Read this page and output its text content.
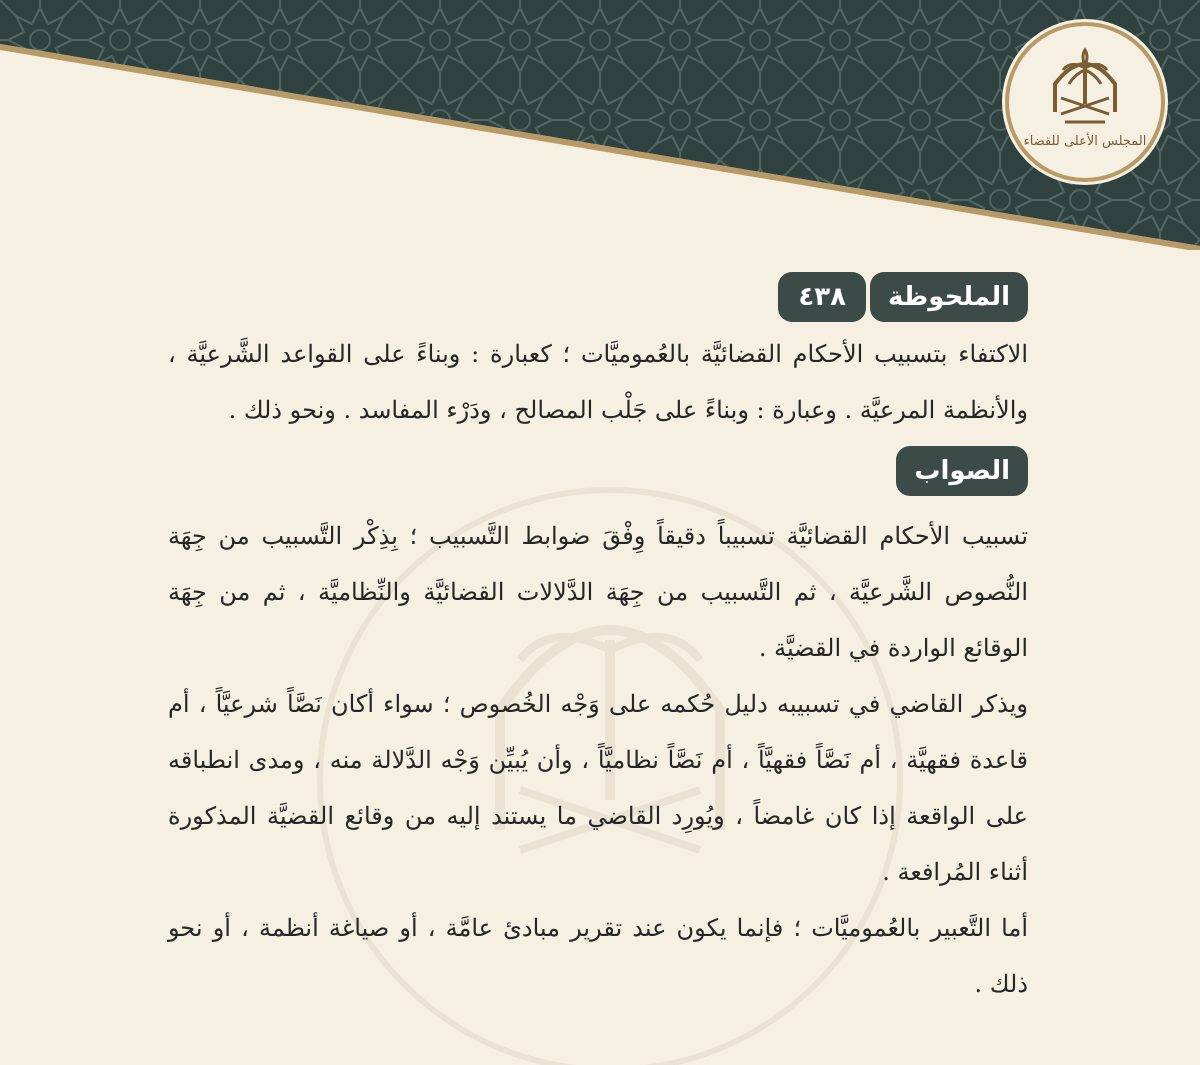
المجلس الأعلى للقضاء
الملحوظة
٤٣٨

الاكتفاء بتسبيب الأحكام القضائيَّة بالعُموميَّات ؛ كعبارة : وبناءً على القواعد الشَّرعيَّة ، والأنظمة المرعيَّة . وعبارة : وبناءً على جَلْب المصالح ، ودَرْء المفاسد . ونحو ذلك .

الصواب

تسبيب الأحكام القضائيَّة تسبيباً دقيقاً وِفْقَ ضوابط التَّسبيب ؛ بِذِكْر التَّسبيب من جِهَة النُّصوص الشَّرعيَّة ، ثم التَّسبيب من جِهَة الدَّلالات القضائيَّة والنِّظاميَّة ، ثم من جِهَة الوقائع الواردة في القضيَّة .

ويذكر القاضي في تسبيبه دليل حُكمه على وَجْه الخُصوص ؛ سواء أكان نَصَّاً شرعيَّاً ، أم قاعدة فقهيَّة ، أم نَصَّاً فقهيَّاً ، أم نَصَّاً نظاميَّاً ، وأن يُبيِّن وَجْه الدَّلالة منه ، ومدى انطباقه على الواقعة إذا كان غامضاً ، ويُورِد القاضي ما يستند إليه من وقائع القضيَّة المذكورة أثناء المُرافعة .

أما التَّعبير بالعُموميَّات ؛ فإنما يكون عند تقرير مبادئ عامَّة ، أو صياغة أنظمة ، أو نحو ذلك .
